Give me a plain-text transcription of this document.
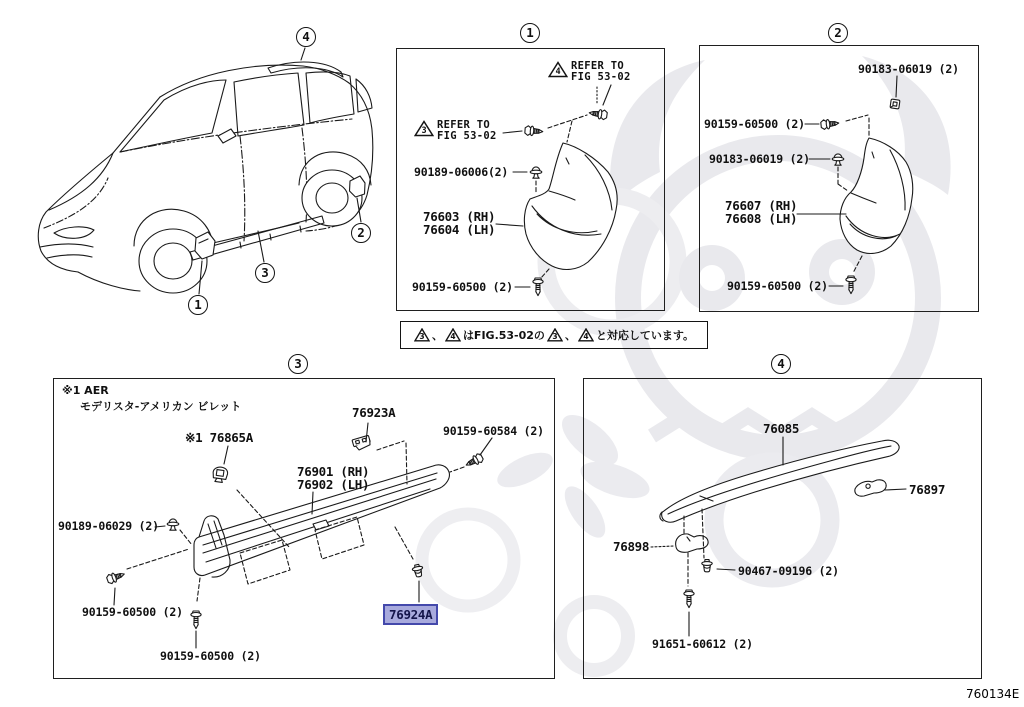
1	2
3	4
4
2
3
1
4 REFER TO
FIG 53-02
3 REFER TO
FIG 53-02
90189-06006(2)
76603 (RH)
76604 (LH)
90159-60500 (2)
90183-06019 (2)
90159-60500 (2)
90183-06019 (2)
76607 (RH)
76608 (LH)
90159-60500 (2)
3 、 4 はFIG.53-02の 3 、 4 と対応しています。
※1 AER
モデリスタ-アメリカン ビレット	76923A
※1 76865A	90159-60584 (2)
76901 (RH)
76902 (LH)
90189-06029 (2)
90159-60500 (2)
90159-60500 (2)
76924A
76085
76897
76898
90467-09196 (2)
91651-60612 (2)
760134E
